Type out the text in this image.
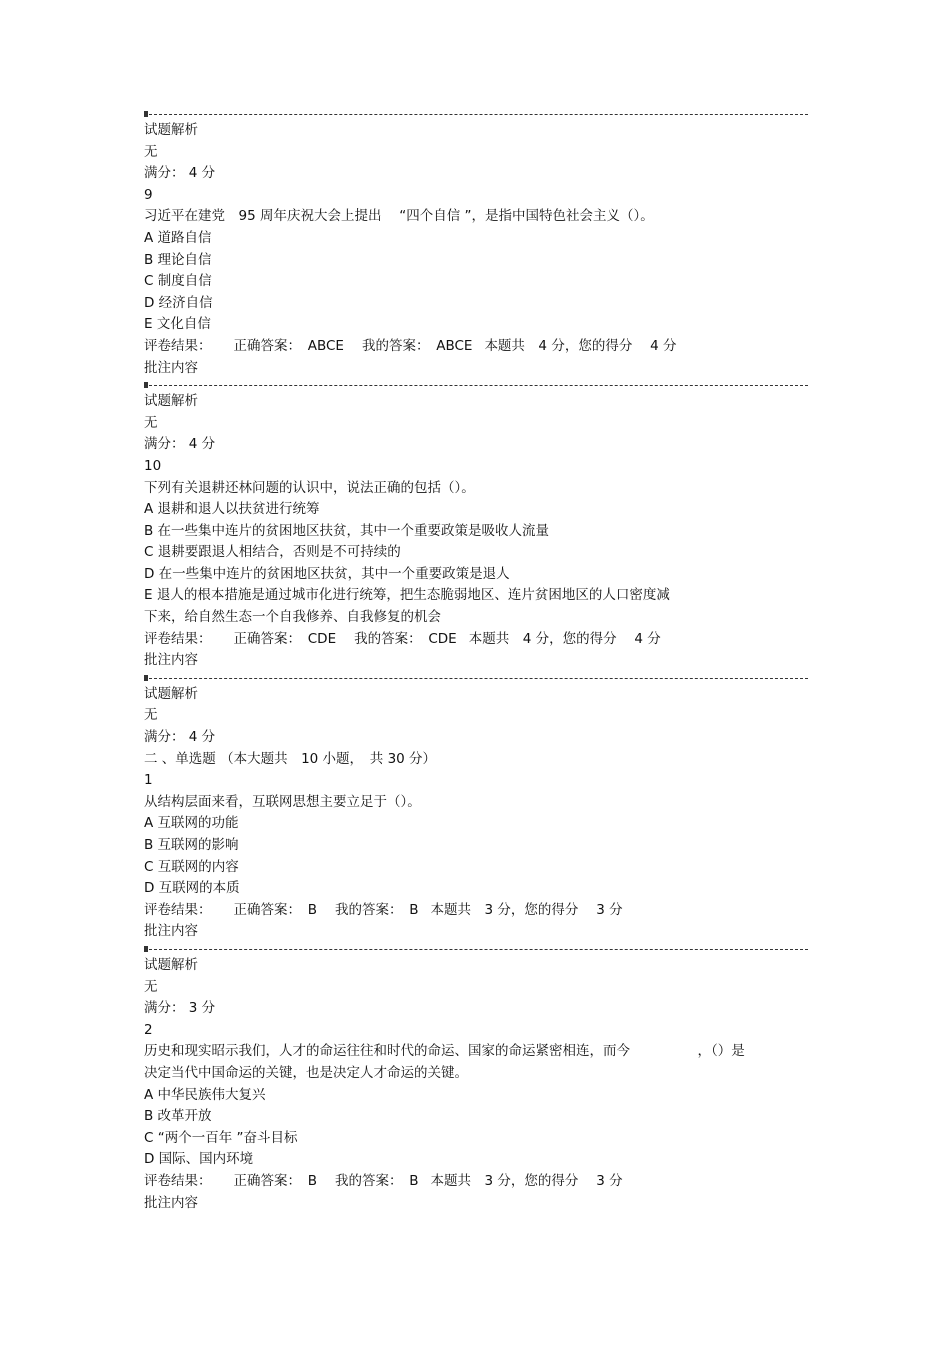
试题解析
无
满分： 4 分
9
习近平在建党　95 周年庆祝大会上提出　 “四个自信 ”，是指中国特色社会主义（）。
A 道路自信
B 理论自信
C 制度自信
D 经济自信
E 文化自信
评卷结果： 正确答案：　ABCE 我的答案：　ABCE 本题共　4 分，您的得分　 4 分
批注内容
试题解析
无
满分： 4 分
10
下列有关退耕还林问题的认识中，说法正确的包括（）。
A 退耕和退人以扶贫进行统筹
B 在一些集中连片的贫困地区扶贫，其中一个重要政策是吸收人流量
C 退耕要跟退人相结合，否则是不可持续的
D 在一些集中连片的贫困地区扶贫，其中一个重要政策是退人
E 退人的根本措施是通过城市化进行统筹，把生态脆弱地区、连片贫困地区的人口密度减
下来，给自然生态一个自我修养、自我修复的机会
评卷结果： 正确答案：　CDE 我的答案：　CDE 本题共　4 分，您的得分　 4 分
批注内容
试题解析
无
满分： 4 分
二 、单选题 （本大题共　10 小题，　共 30 分）
1
从结构层面来看，互联网思想主要立足于（）。
A 互联网的功能
B 互联网的影响
C 互联网的内容
D 互联网的本质
评卷结果： 正确答案：　B 我的答案：　B 本题共　3 分，您的得分　 3 分
批注内容
试题解析
无
满分： 3 分
2
历史和现实昭示我们，人才的命运往往和时代的命运、国家的命运紧密相连，而今　　　　　，（）是
决定当代中国命运的关键，也是决定人才命运的关键。
A 中华民族伟大复兴
B 改革开放
C “两个一百年 ”奋斗目标
D 国际、国内环境
评卷结果： 正确答案：　B 我的答案：　B 本题共　3 分，您的得分　 3 分
批注内容
